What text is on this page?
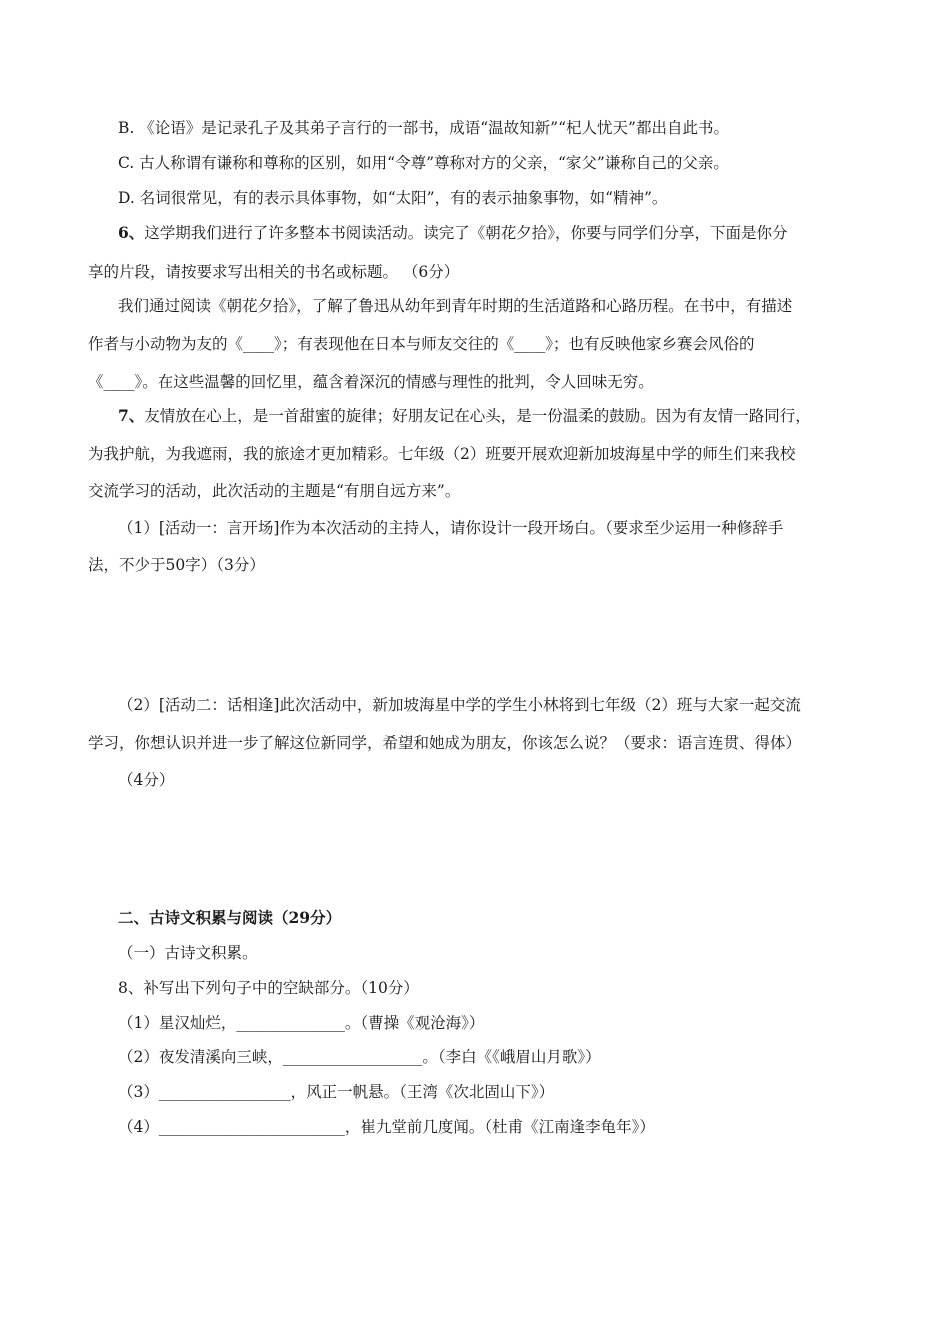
B. 《论语》是记录孔子及其弟子言行的一部书，成语“温故知新”“杞人忧天”都出自此书。
C. 古人称谓有谦称和尊称的区别，如用“令尊”尊称对方的父亲，“家父”谦称自己的父亲。
D. 名词很常见，有的表示具体事物，如“太阳”，有的表示抽象事物，如“精神”。
6、这学期我们进行了许多整本书阅读活动。读完了《朝花夕拾》，你要与同学们分享，下面是你分
享的片段，请按要求写出相关的书名或标题。 （6分）
我们通过阅读《朝花夕拾》，了解了鲁迅从幼年到青年时期的生活道路和心路历程。在书中，有描述
作者与小动物为友的《____》；有表现他在日本与师友交往的《____》；也有反映他家乡赛会风俗的
《____》。在这些温馨的回忆里，蕴含着深沉的情感与理性的批判，令人回味无穷。
7、友情放在心上，是一首甜蜜的旋律；好朋友记在心头，是一份温柔的鼓励。因为有友情一路同行，
为我护航，为我遮雨，我的旅途才更加精彩。七年级（2）班要开展欢迎新加坡海星中学的师生们来我校
交流学习的活动，此次活动的主题是“有朋自远方来”。
（1）[活动一：言开场]作为本次活动的主持人，请你设计一段开场白。（要求至少运用一种修辞手
法，不少于50字）（3分）
（2）[活动二：话相逢]此次活动中，新加坡海星中学的学生小林将到七年级（2）班与大家一起交流
学习，你想认识并进一步了解这位新同学，希望和她成为朋友，你该怎么说？（要求：语言连贯、得体）
（4分）
二、古诗文积累与阅读（29分）
（一）古诗文积累。
8、补写出下列句子中的空缺部分。（10分）
（1）星汉灿烂，______________。（曹操《观沧海》）
（2）夜发清溪向三峡，__________________。（李白《《峨眉山月歌》）
（3）_________________，风正一帆悬。（王湾《次北固山下》）
（4）________________________，崔九堂前几度闻。（杜甫《江南逢李龟年》）
